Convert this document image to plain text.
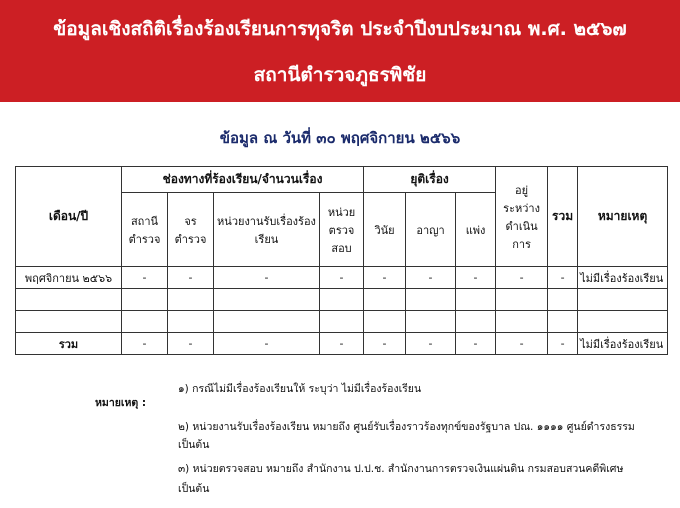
ข้อมูลเชิงสถิติเรื่องร้องเรียนการทุจริต ประจำปีงบประมาณ พ.ศ. ๒๕๖๗
สถานีตำรวจภูธรพิชัย
ข้อมูล ณ วันที่ ๓๐ พฤศจิกายน ๒๕๖๖
เดือน/ปี	ช่องทางที่ร้องเรียน/จำนวนเรื่อง				ยุติเรื่อง			อยู่ระหว่างดำเนินการ	รวม	หมายเหตุ
	สถานีตำรวจ	จรตำรวจ	หน่วยงานรับเรื่องร้องเรียน	หน่วยตรวจสอบ	วินัย	อาญา	แพ่ง			
พฤศจิกายน ๒๕๖๖	-	-	-	-	-	-	-	-	-	ไม่มีเรื่องร้องเรียน

รวม	-	-	-	-	-	-	-	-	-	ไม่มีเรื่องร้องเรียน
หมายเหตุ :
๑) กรณีไม่มีเรื่องร้องเรียนให้ ระบุว่า ไม่มีเรื่องร้องเรียน
๒) หน่วยงานรับเรื่องร้องเรียน หมายถึง ศูนย์รับเรื่องราวร้องทุกข์ของรัฐบาล ปณ. ๑๑๑๑ ศูนย์ดำรงธรรม
เป็นต้น
๓) หน่วยตรวจสอบ หมายถึง สำนักงาน ป.ป.ช. สำนักงานการตรวจเงินแผ่นดิน กรมสอบสวนคดีพิเศษ
เป็นต้น
